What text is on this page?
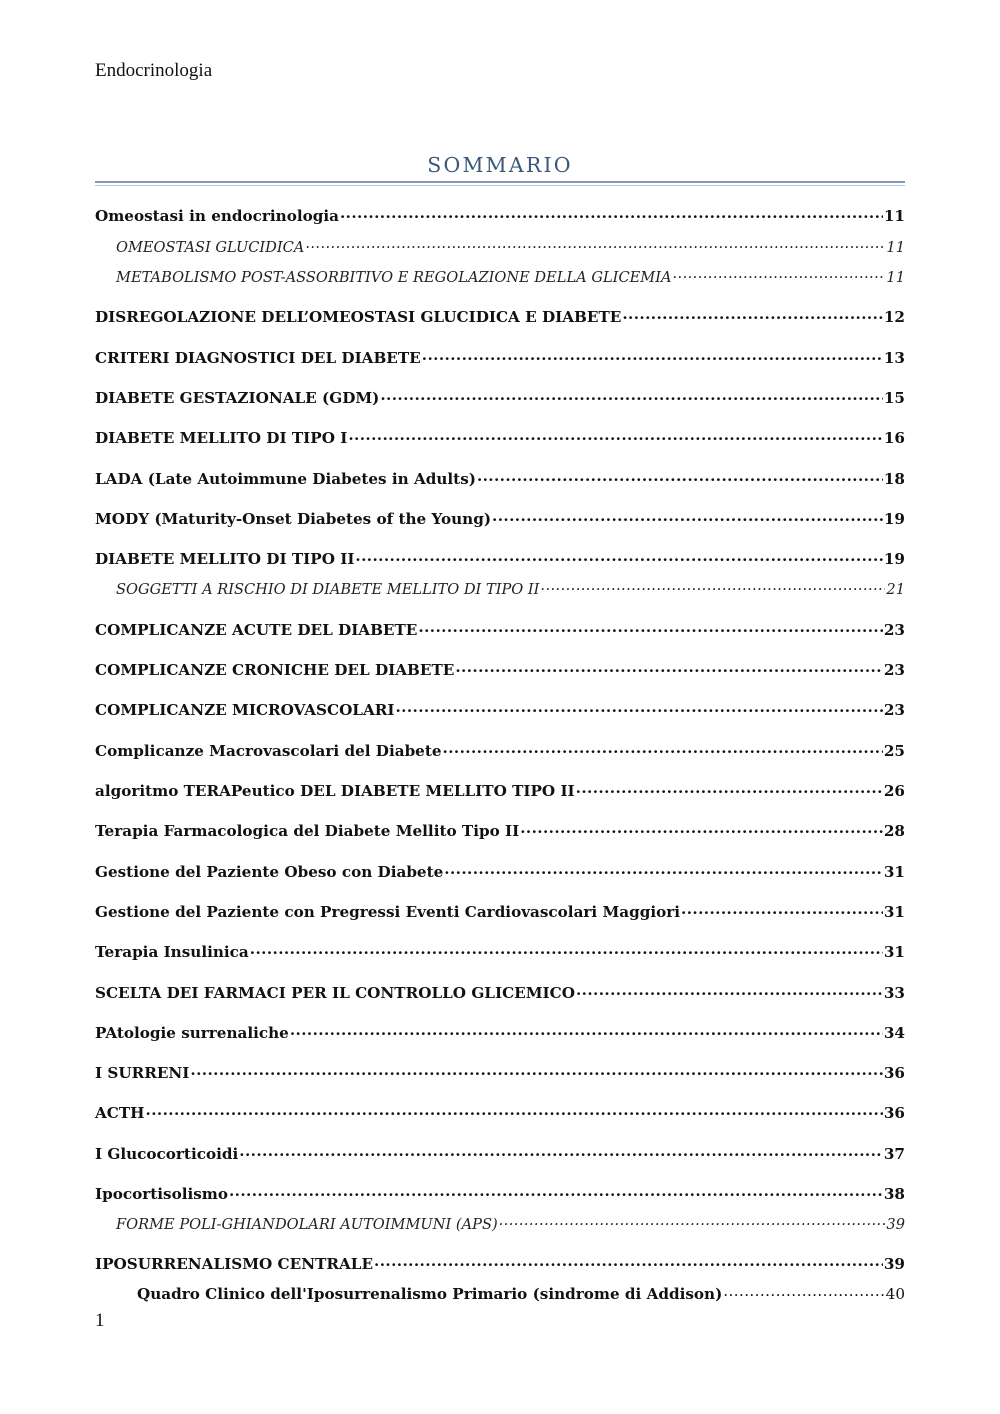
Endocrinologia
SOMMARIO
Omeostasi in endocrinologia .....	11
OMEOSTASI GLUCIDICA .....	11
METABOLISMO POST-ASSORBITIVO E REGOLAZIONE DELLA GLICEMIA .....	11
DISREGOLAZIONE DELL’OMEOSTASI GLUCIDICA E DIABETE .....	12
CRITERI DIAGNOSTICI DEL DIABETE .....	13
DIABETE GESTAZIONALE (GDM) .....	15
DIABETE MELLITO DI TIPO I .....	16
LADA (Late Autoimmune Diabetes in Adults) .....	18
MODY (Maturity-Onset Diabetes of the Young) .....	19
DIABETE MELLITO DI TIPO II .....	19
SOGGETTI A RISCHIO DI DIABETE MELLITO DI TIPO II .....	21
COMPLICANZE ACUTE DEL DIABETE .....	23
COMPLICANZE CRONICHE DEL DIABETE .....	23
COMPLICANZE MICROVASCOLARI .....	23
Complicanze Macrovascolari del Diabete .....	25
algoritmo TERAPeutico DEL DIABETE MELLITO TIPO II .....	26
Terapia Farmacologica del Diabete Mellito Tipo II .....	28
Gestione del Paziente Obeso con Diabete .....	31
Gestione del Paziente con Pregressi Eventi Cardiovascolari Maggiori .....	31
Terapia Insulinica .....	31
SCELTA DEI FARMACI PER IL CONTROLLO GLICEMICO .....	33
PAtologie surrenaliche .....	34
I SURRENI .....	36
ACTH .....	36
I Glucocorticoidi .....	37
Ipocortisolismo .....	38
FORME POLI-GHIANDOLARI AUTOIMMUNI (APS) .....	39
IPOSURRENALISMO CENTRALE .....	39
Quadro Clinico dell'Iposurrenalismo Primario (sindrome di Addison) .....	40
1
